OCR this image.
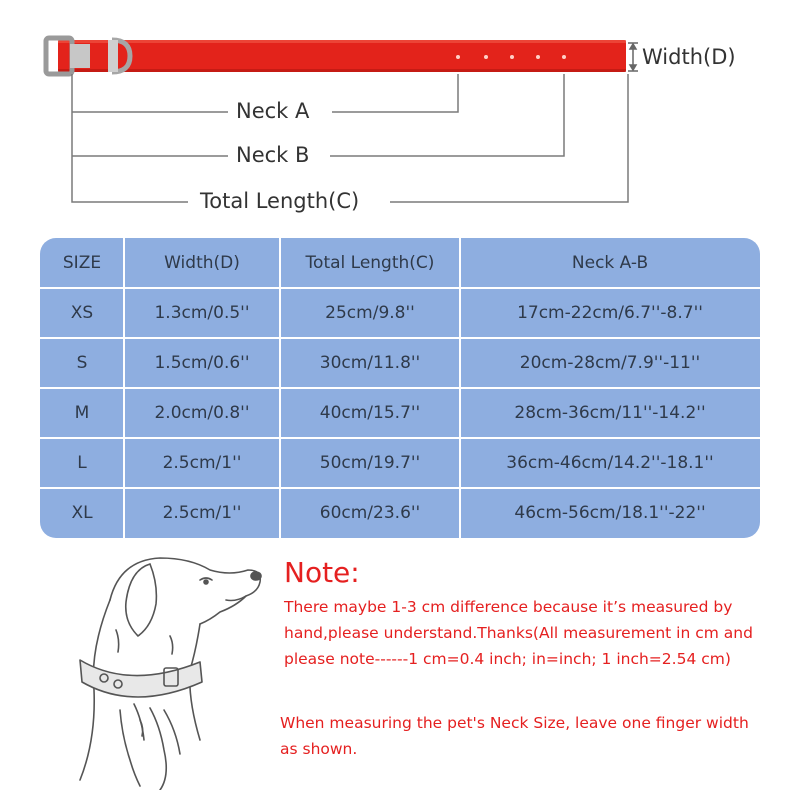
Width(D)
Neck A
Neck B
Total Length(C)
SIZE	Width(D)	Total Length(C)	Neck A-B
XS	1.3cm/0.5''	25cm/9.8''	17cm-22cm/6.7''-8.7''
S	1.5cm/0.6''	30cm/11.8''	20cm-28cm/7.9''-11''
M	2.0cm/0.8''	40cm/15.7''	28cm-36cm/11''-14.2''
L	2.5cm/1''	50cm/19.7''	36cm-46cm/14.2''-18.1''
XL	2.5cm/1''	60cm/23.6''	46cm-56cm/18.1''-22''
Note:
There maybe 1-3 cm difference because it’s measured by hand,please understand.Thanks(All measurement in cm and please note------1 cm=0.4 inch; in=inch; 1 inch=2.54 cm)
When measuring the pet's Neck Size, leave one finger width as shown.
